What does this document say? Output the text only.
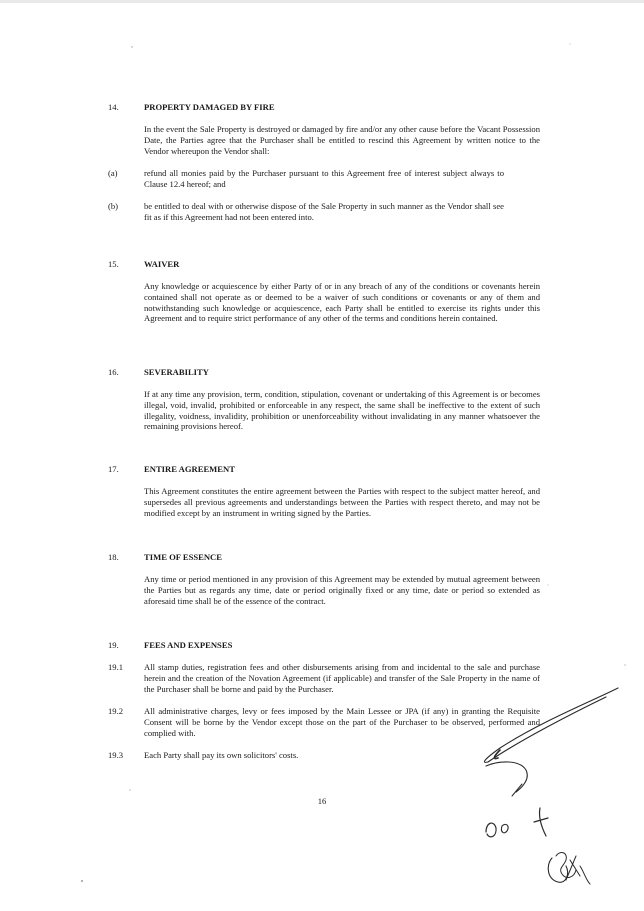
14.	PROPERTY DAMAGED BY FIRE

In the event the Sale Property is destroyed or damaged by fire and/or any other cause before the Vacant Possession Date, the Parties agree that the Purchaser shall be entitled to rescind this Agreement by written notice to the Vendor whereupon the Vendor shall:

(a)	refund all monies paid by the Purchaser pursuant to this Agreement free of interest subject always to Clause 12.4 hereof; and

(b)	be entitled to deal with or otherwise dispose of the Sale Property in such manner as the Vendor shall see fit as if this Agreement had not been entered into.

15.	WAIVER

Any knowledge or acquiescence by either Party of or in any breach of any of the conditions or covenants herein contained shall not operate as or deemed to be a waiver of such conditions or covenants or any of them and notwithstanding such knowledge or acquiescence, each Party shall be entitled to exercise its rights under this Agreement and to require strict performance of any other of the terms and conditions herein contained.

16.	SEVERABILITY

If at any time any provision, term, condition, stipulation, covenant or undertaking of this Agreement is or becomes illegal, void, invalid, prohibited or enforceable in any respect, the same shall be ineffective to the extent of such illegality, voidness, invalidity, prohibition or unenforceability without invalidating in any manner whatsoever the remaining provisions hereof.

17.	ENTIRE AGREEMENT

This Agreement constitutes the entire agreement between the Parties with respect to the subject matter hereof, and supersedes all previous agreements and understandings between the Parties with respect thereto, and may not be modified except by an instrument in writing signed by the Parties.

18.	TIME OF ESSENCE

Any time or period mentioned in any provision of this Agreement may be extended by mutual agreement between the Parties but as regards any time, date or period originally fixed or any time, date or period so extended as aforesaid time shall be of the essence of the contract.

19.	FEES AND EXPENSES
19.1 All stamp duties, registration fees and other disbursements arising from and incidental to the sale and purchase herein and the creation of the Novation Agreement (if applicable) and transfer of the Sale Property in the name of the Purchaser shall be borne and paid by the Purchaser.

19.2 All administrative charges, levy or fees imposed by the Main Lessee or JPA (if any) in granting the Requisite Consent will be borne by the Vendor except those on the part of the Purchaser to be observed, performed and complied with.

19.3 Each Party shall pay its own solicitors' costs.

16
